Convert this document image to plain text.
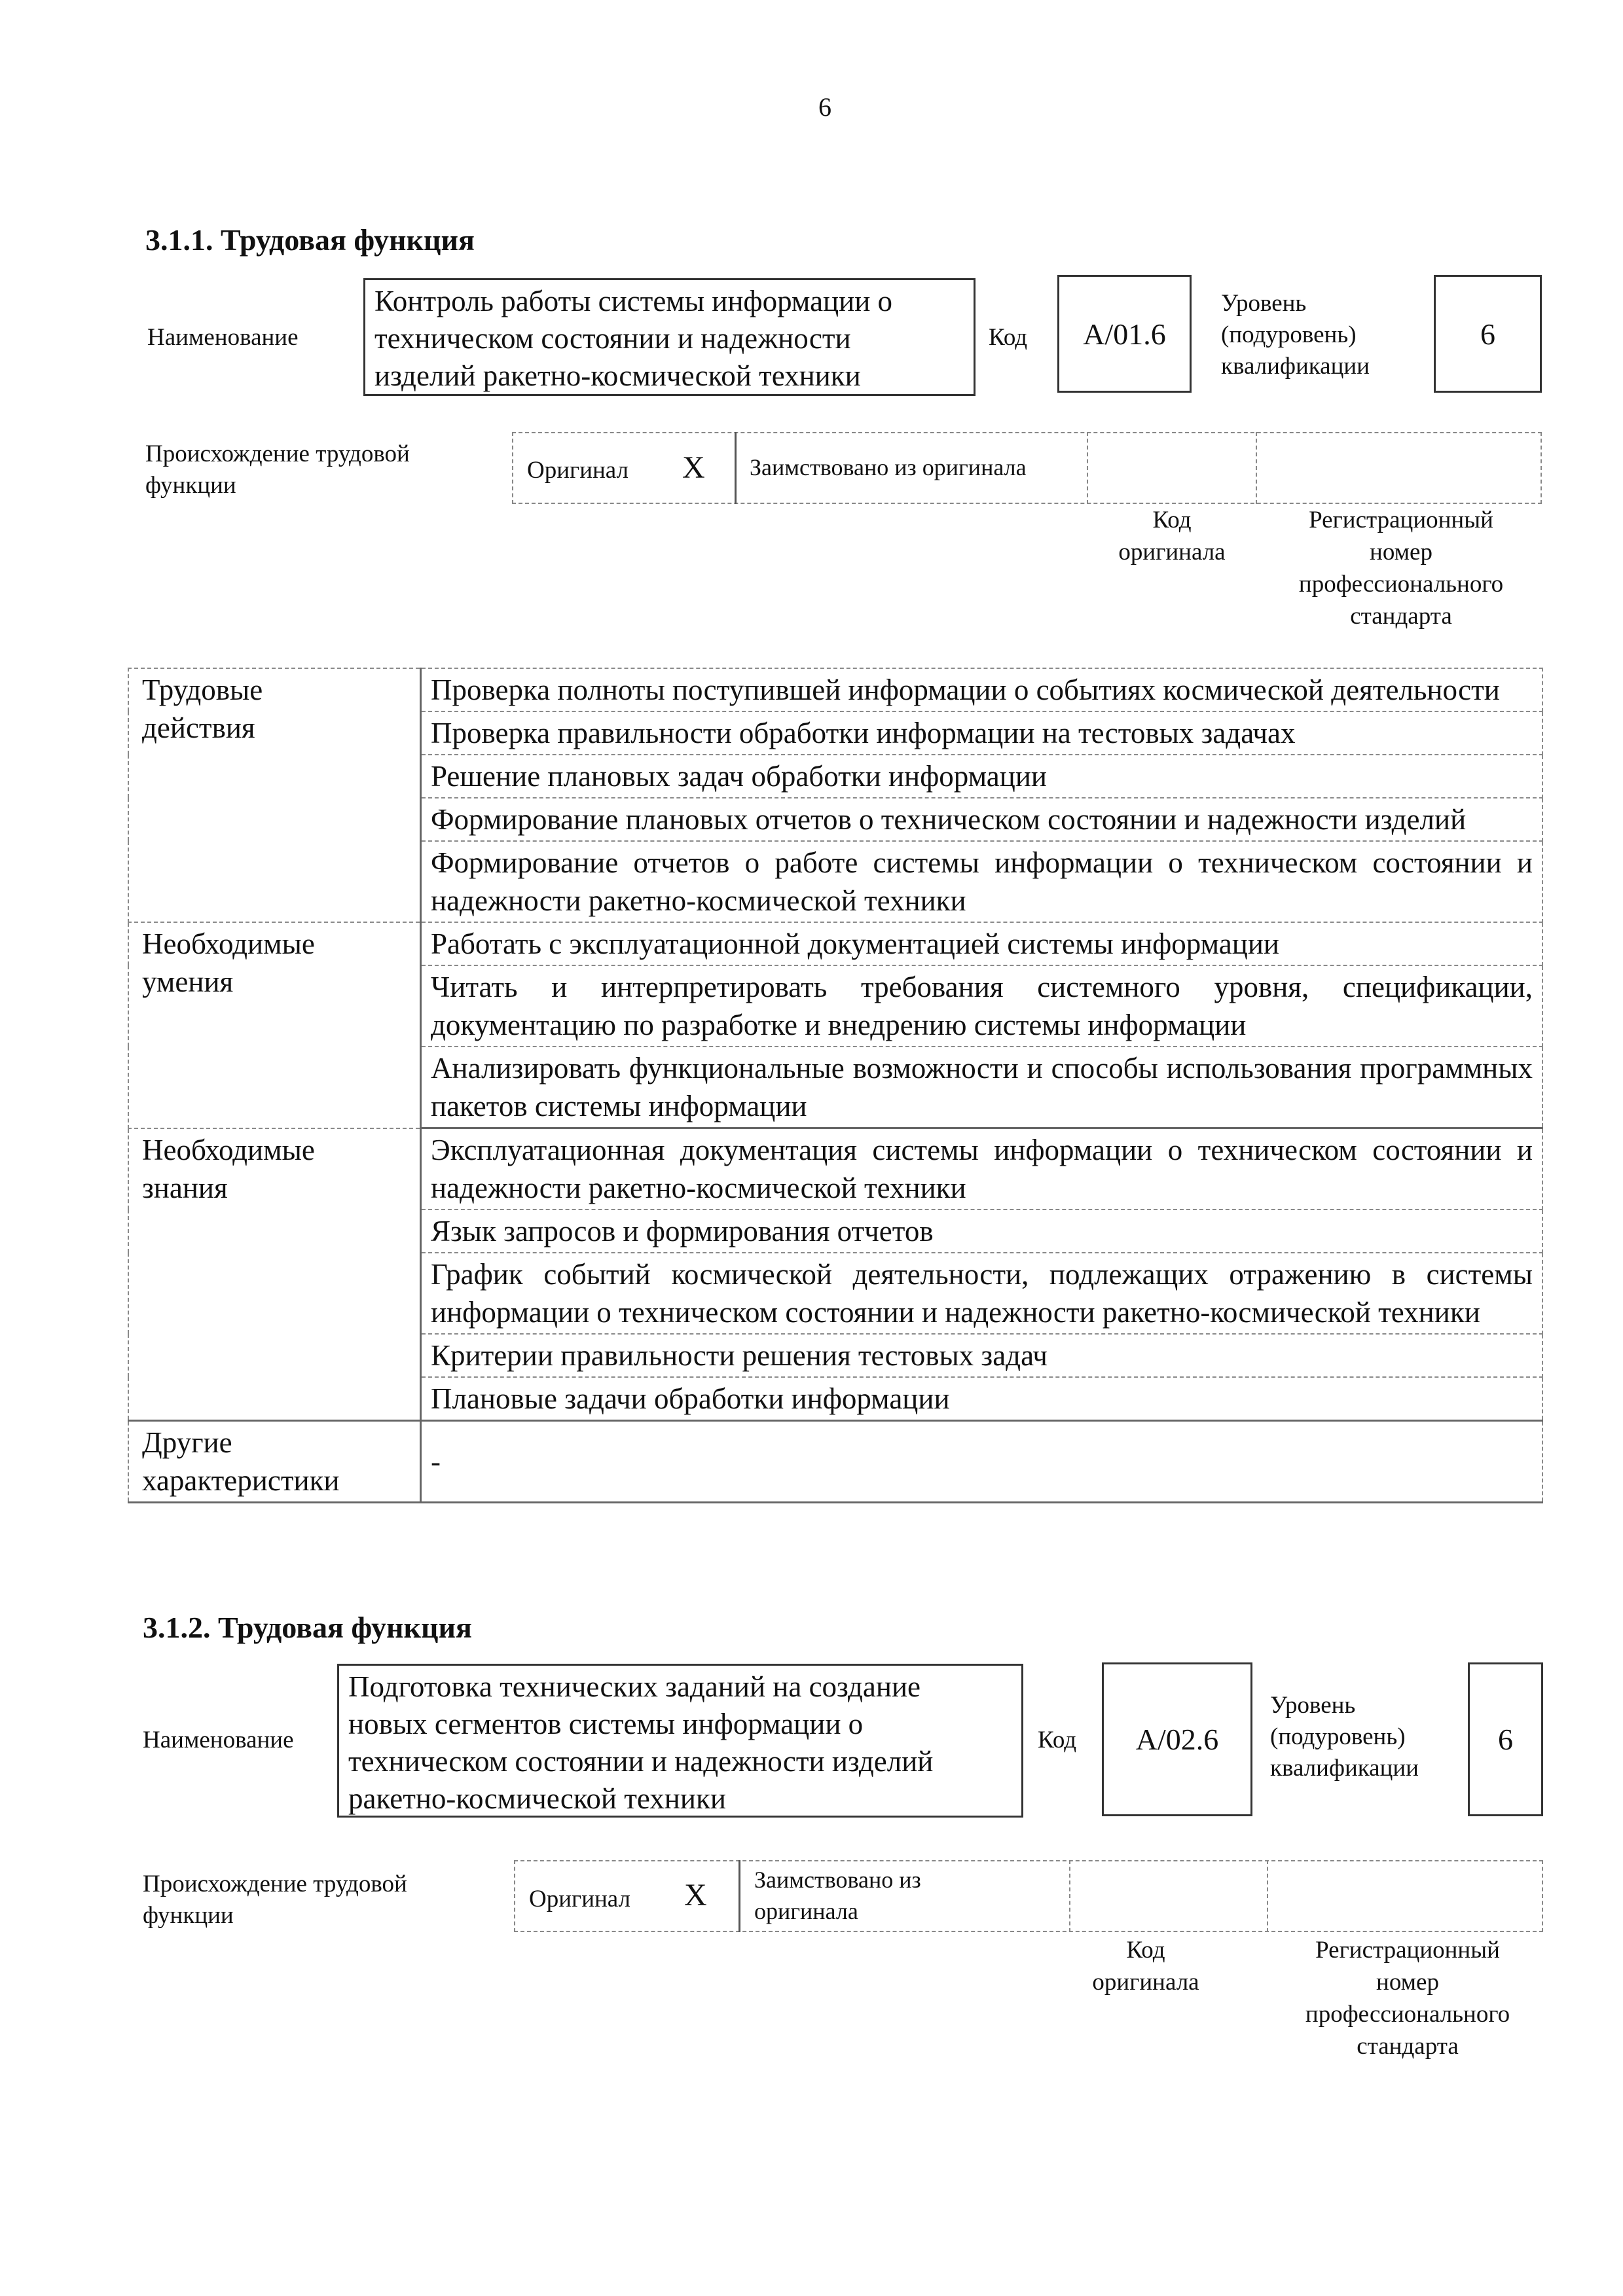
6
3.1.1. Трудовая функция
Наименование
Контроль работы системы информации о
техническом состоянии и надежности
изделий ракетно-космической техники
Код A/01.6
Уровень
(подуровень)
квалификации
6
Происхождение трудовой
функции
Оригинал X Заимствовано из оригинала
Код
оригинала
Регистрационный
номер
профессионального
стандарта
Трудовые
действия	Проверка полноты поступившей информации о событиях космической деятельности
	Проверка правильности обработки информации на тестовых задачах
	Решение плановых задач обработки информации
	Формирование плановых отчетов о техническом состоянии и надежности изделий
	Формирование отчетов о работе системы информации о техническом состоянии и надежности ракетно-космической техники

Необходимые
умения	Работать с эксплуатационной документацией системы информации
	Читать и интерпретировать требования системного уровня, спецификации, документацию по разработке и внедрению системы информации
	Анализировать функциональные возможности и способы использования программных пакетов системы информации

Необходимые
знания	Эксплуатационная документация системы информации о техническом состоянии и надежности ракетно-космической техники
	Язык запросов и формирования отчетов
	График событий космической деятельности, подлежащих отражению в системы информации о техническом состоянии и надежности ракетно-космической техники
	Критерии правильности решения тестовых задач
	Плановые задачи обработки информации

Другие
характеристики	-
3.1.2. Трудовая функция
Наименование
Подготовка технических заданий на создание
новых сегментов системы информации о
техническом состоянии и надежности изделий
ракетно-космической техники
Код A/02.6
Уровень
(подуровень)
квалификации
6
Происхождение трудовой
функции
Оригинал X Заимствовано из
оригинала
Код
оригинала
Регистрационный
номер
профессионального
стандарта
